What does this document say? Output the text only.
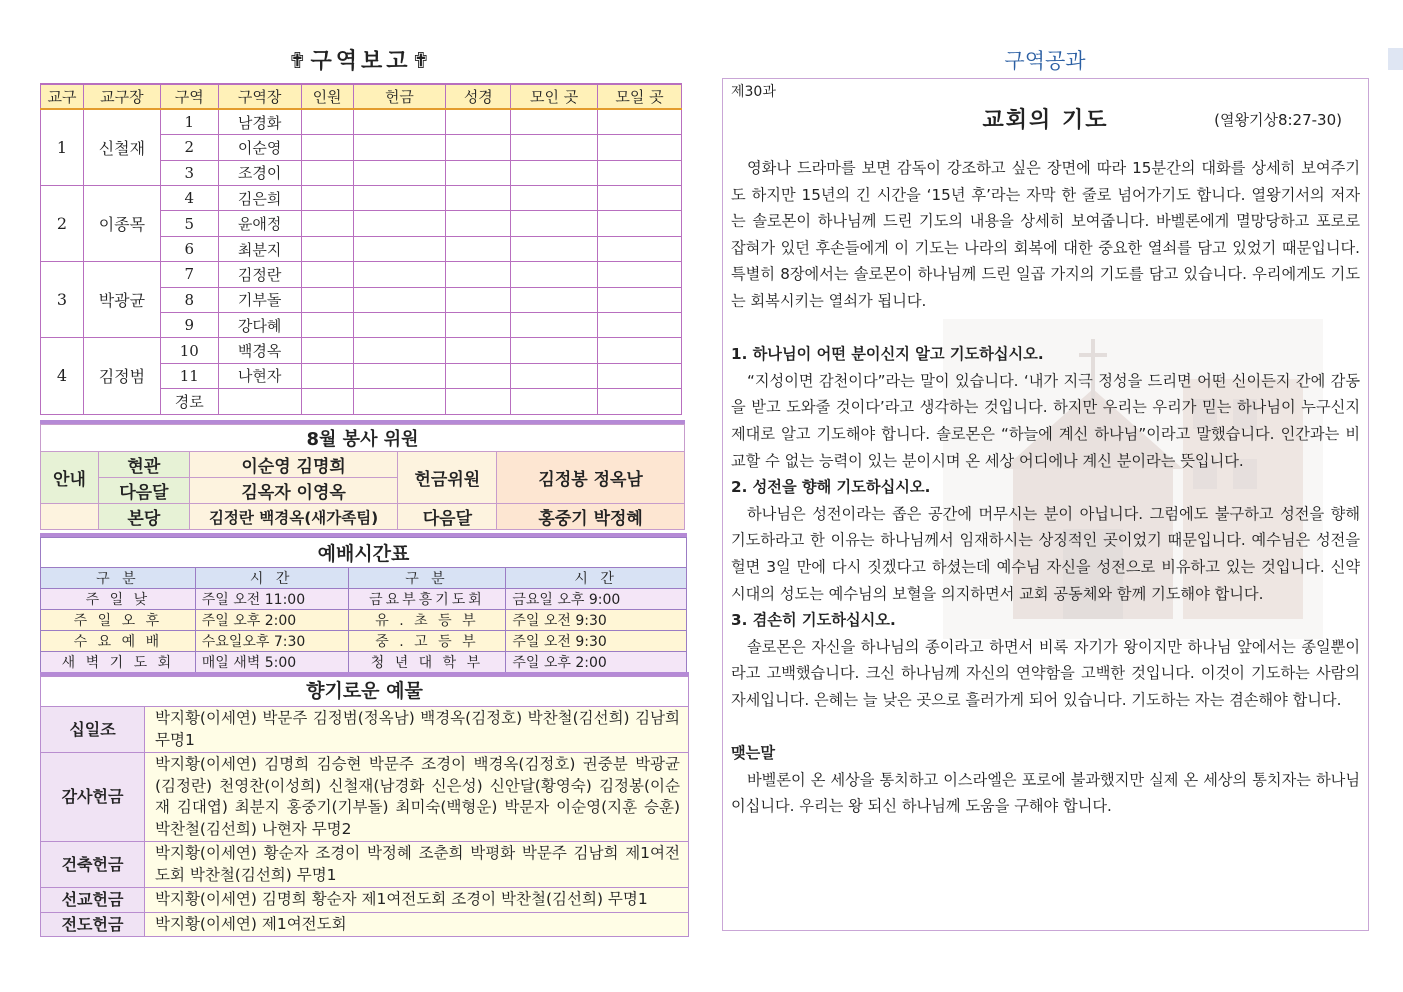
✟구역보고✟
교구	교구장	구역	구역장	인원	헌금	성경	모인 곳	모일 곳
1	신철재	1	남경화					
		2	이순영					
		3	조경이					
2	이종목	4	김은희					
		5	윤애정					
		6	최분지					
3	박광균	7	김정란					
		8	기부돌					
		9	강다혜					
4	김정범	10	백경옥					
		11	나현자					
		경로						
8월 봉사 위원				
안내	현관	이순영 김명희	헌금위원	김정봉 정옥남
	다음달	김옥자 이영옥		
	본당	김정란 백경옥(새가족팀)	다음달	홍중기 박정혜
예배시간표			
구 분	시 간	구 분	시 간
주 일 낮	주일 오전 11:00	금요부흥기도회	금요일 오후 9:00
주 일 오 후	주일 오후 2:00	유 . 초 등 부	주일 오전 9:30
수 요 예 배	수요일오후 7:30	중 . 고 등 부	주일 오전 9:30
새 벽 기 도 회	매일 새벽 5:00	청 년 대 학 부	주일 오후 2:00
향기로운 예물	
십일조	박지황(이세연) 박문주 김정범(정옥남) 백경옥(김정호) 박찬철(김선희) 김남희 무명1
감사헌금	박지황(이세연) 김명희 김승현 박문주 조경이 백경옥(김정호) 권중분 박광균(김정란) 천영찬(이성희) 신철재(남경화 신은성) 신안달(황영숙) 김정봉(이순재 김대엽) 최분지 홍중기(기부돌) 최미숙(백형운) 박문자 이순영(지훈 승훈) 박찬철(김선희) 나현자 무명2
건축헌금	박지황(이세연) 황순자 조경이 박정혜 조춘희 박평화 박문주 김남희 제1여전도회 박찬철(김선희) 무명1
선교헌금	박지황(이세연) 김명희 황순자 제1여전도회 조경이 박찬철(김선희) 무명1
전도헌금	박지황(이세연) 제1여전도회
구역공과
제30과
교회의 기도	(열왕기상8:27-30)

영화나 드라마를 보면 감독이 강조하고 싶은 장면에 따라 15분간의 대화를 상세히 보여주기도 하지만 15년의 긴 시간을 ‘15년 후’라는 자막 한 줄로 넘어가기도 합니다. 열왕기서의 저자는 솔로몬이 하나님께 드린 기도의 내용을 상세히 보여줍니다. 바벨론에게 멸망당하고 포로로 잡혀가 있던 후손들에게 이 기도는 나라의 회복에 대한 중요한 열쇠를 담고 있었기 때문입니다. 특별히 8장에서는 솔로몬이 하나님께 드린 일곱 가지의 기도를 담고 있습니다. 우리에게도 기도는 회복시키는 열쇠가 됩니다.

1. 하나님이 어떤 분이신지 알고 기도하십시오.

“지성이면 감천이다”라는 말이 있습니다. ‘내가 지극 정성을 드리면 어떤 신이든지 간에 감동을 받고 도와줄 것이다’라고 생각하는 것입니다. 하지만 우리는 우리가 믿는 하나님이 누구신지 제대로 알고 기도해야 합니다. 솔로몬은 “하늘에 계신 하나님”이라고 말했습니다. 인간과는 비교할 수 없는 능력이 있는 분이시며 온 세상 어디에나 계신 분이라는 뜻입니다.

2. 성전을 향해 기도하십시오.

하나님은 성전이라는 좁은 공간에 머무시는 분이 아닙니다. 그럼에도 불구하고 성전을 향해 기도하라고 한 이유는 하나님께서 임재하시는 상징적인 곳이었기 때문입니다. 예수님은 성전을 헐면 3일 만에 다시 짓겠다고 하셨는데 예수님 자신을 성전으로 비유하고 있는 것입니다. 신약 시대의 성도는 예수님의 보혈을 의지하면서 교회 공동체와 함께 기도해야 합니다.

3. 겸손히 기도하십시오.

솔로몬은 자신을 하나님의 종이라고 하면서 비록 자기가 왕이지만 하나님 앞에서는 종일뿐이라고 고백했습니다. 크신 하나님께 자신의 연약함을 고백한 것입니다. 이것이 기도하는 사람의 자세입니다. 은혜는 늘 낮은 곳으로 흘러가게 되어 있습니다. 기도하는 자는 겸손해야 합니다.

맺는말

바벨론이 온 세상을 통치하고 이스라엘은 포로에 불과했지만 실제 온 세상의 통치자는 하나님이십니다. 우리는 왕 되신 하나님께 도움을 구해야 합니다.
